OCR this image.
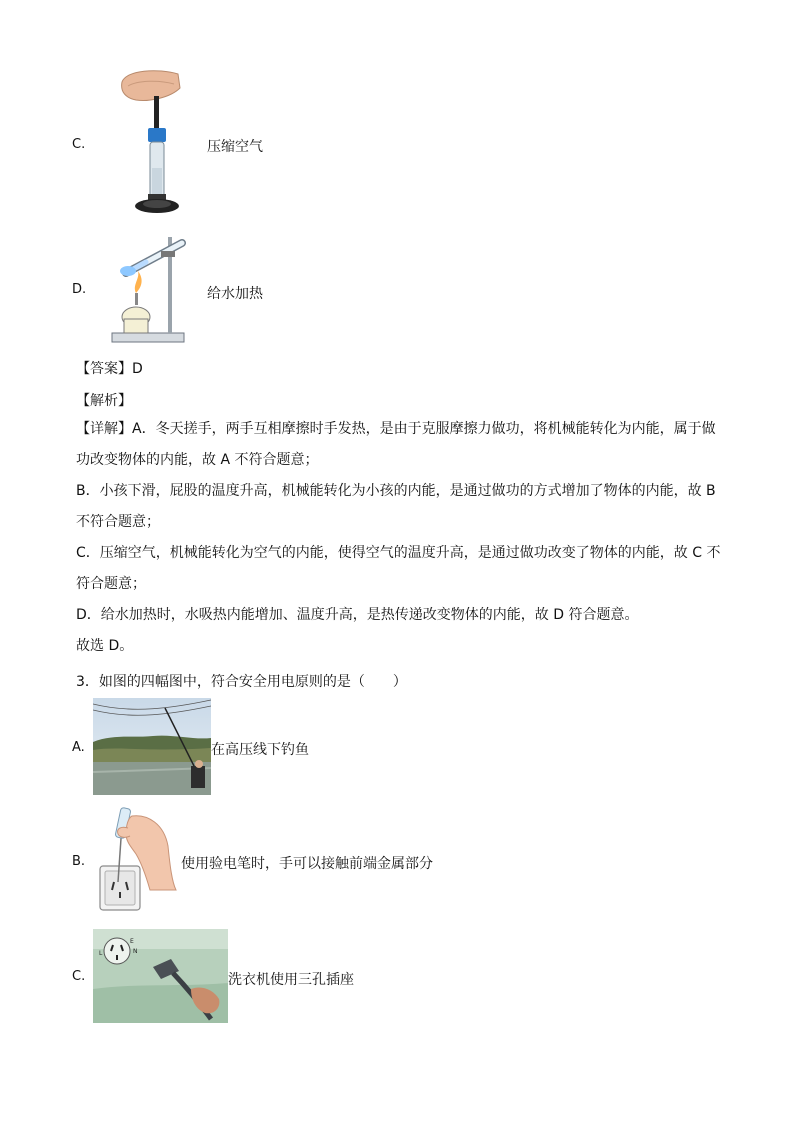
C.	压缩空气
D.	给水加热
【答案】D
【解析】
【详解】A．冬天搓手，两手互相摩擦时手发热，是由于克服摩擦力做功，将机械能转化为内能，属于做
功改变物体的内能，故 A 不符合题意；
B．小孩下滑，屁股的温度升高，机械能转化为小孩的内能，是通过做功的方式增加了物体的内能，故 B
不符合题意；
C．压缩空气，机械能转化为空气的内能，使得空气的温度升高，是通过做功改变了物体的内能，故 C 不
符合题意；
D．给水加热时，水吸热内能增加、温度升高，是热传递改变物体的内能，故 D 符合题意。
故选 D。
3．如图的四幅图中，符合安全用电原则的是（　　）
A.	在高压线下钓鱼
B.	使用验电笔时，手可以接触前端金属部分
C.
L
E
N
洗衣机使用三孔插座
